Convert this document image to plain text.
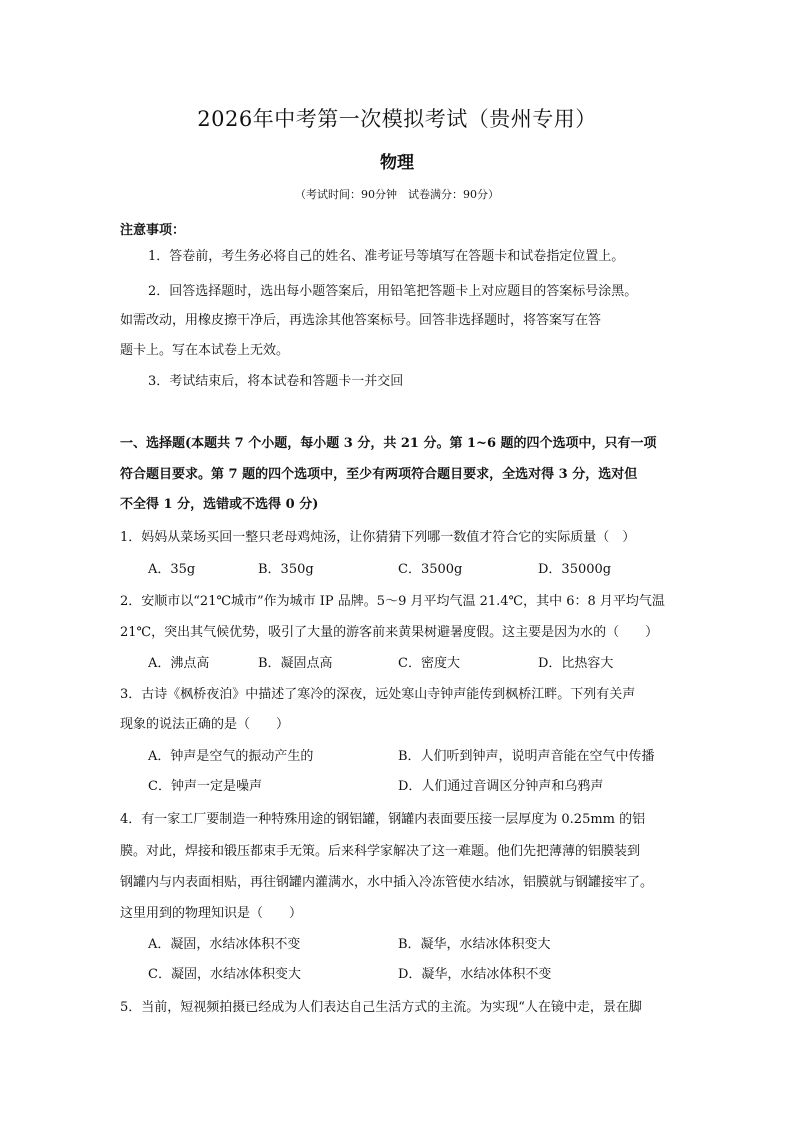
2026年中考第一次模拟考试（贵州专用）
物理
（考试时间：90分钟　试卷满分：90分）
注意事项：
1．答卷前，考生务必将自己的姓名、准考证号等填写在答题卡和试卷指定位置上。
2．回答选择题时，选出每小题答案后，用铅笔把答题卡上对应题目的答案标号涂黑。
如需改动，用橡皮擦干净后，再选涂其他答案标号。回答非选择题时，将答案写在答
题卡上。写在本试卷上无效。
3．考试结束后，将本试卷和答题卡一并交回
一、选择题(本题共 7 个小题，每小题 3 分，共 21 分。第 1~6 题的四个选项中，只有一项
符合题目要求。第 7 题的四个选项中，至少有两项符合题目要求，全选对得 3 分，选对但
不全得 1 分，选错或不选得 0 分)
1．妈妈从菜场买回一整只老母鸡炖汤，让你猜猜下列哪一数值才符合它的实际质量（　）
A．35g	B．350g	C．3500g	D．35000g
2．安顺市以“21℃城市”作为城市 IP 品牌。5～9 月平均气温 21.4℃，其中 6：8 月平均气温
21℃，突出其气候优势，吸引了大量的游客前来黄果树避暑度假。这主要是因为水的（　　）
A．沸点高	B．凝固点高	C．密度大	D．比热容大
3．古诗《枫桥夜泊》中描述了寒冷的深夜，远处寒山寺钟声能传到枫桥江畔。下列有关声
现象的说法正确的是（　　）
A．钟声是空气的振动产生的	B．人们听到钟声，说明声音能在空气中传播
C．钟声一定是噪声	D．人们通过音调区分钟声和乌鸦声
4．有一家工厂要制造一种特殊用途的钢铝罐，钢罐内表面要压接一层厚度为 0.25mm 的铝
膜。对此，焊接和锻压都束手无策。后来科学家解决了这一难题。他们先把薄薄的铝膜装到
钢罐内与内表面相贴，再往钢罐内灌满水，水中插入冷冻管使水结冰，铝膜就与钢罐接牢了。
这里用到的物理知识是（　　）
A．凝固，水结冰体积不变	B．凝华，水结冰体积变大
C．凝固，水结冰体积变大	D．凝华，水结冰体积不变
5．当前，短视频拍摄已经成为人们表达自己生活方式的主流。为实现“人在镜中走，景在脚
